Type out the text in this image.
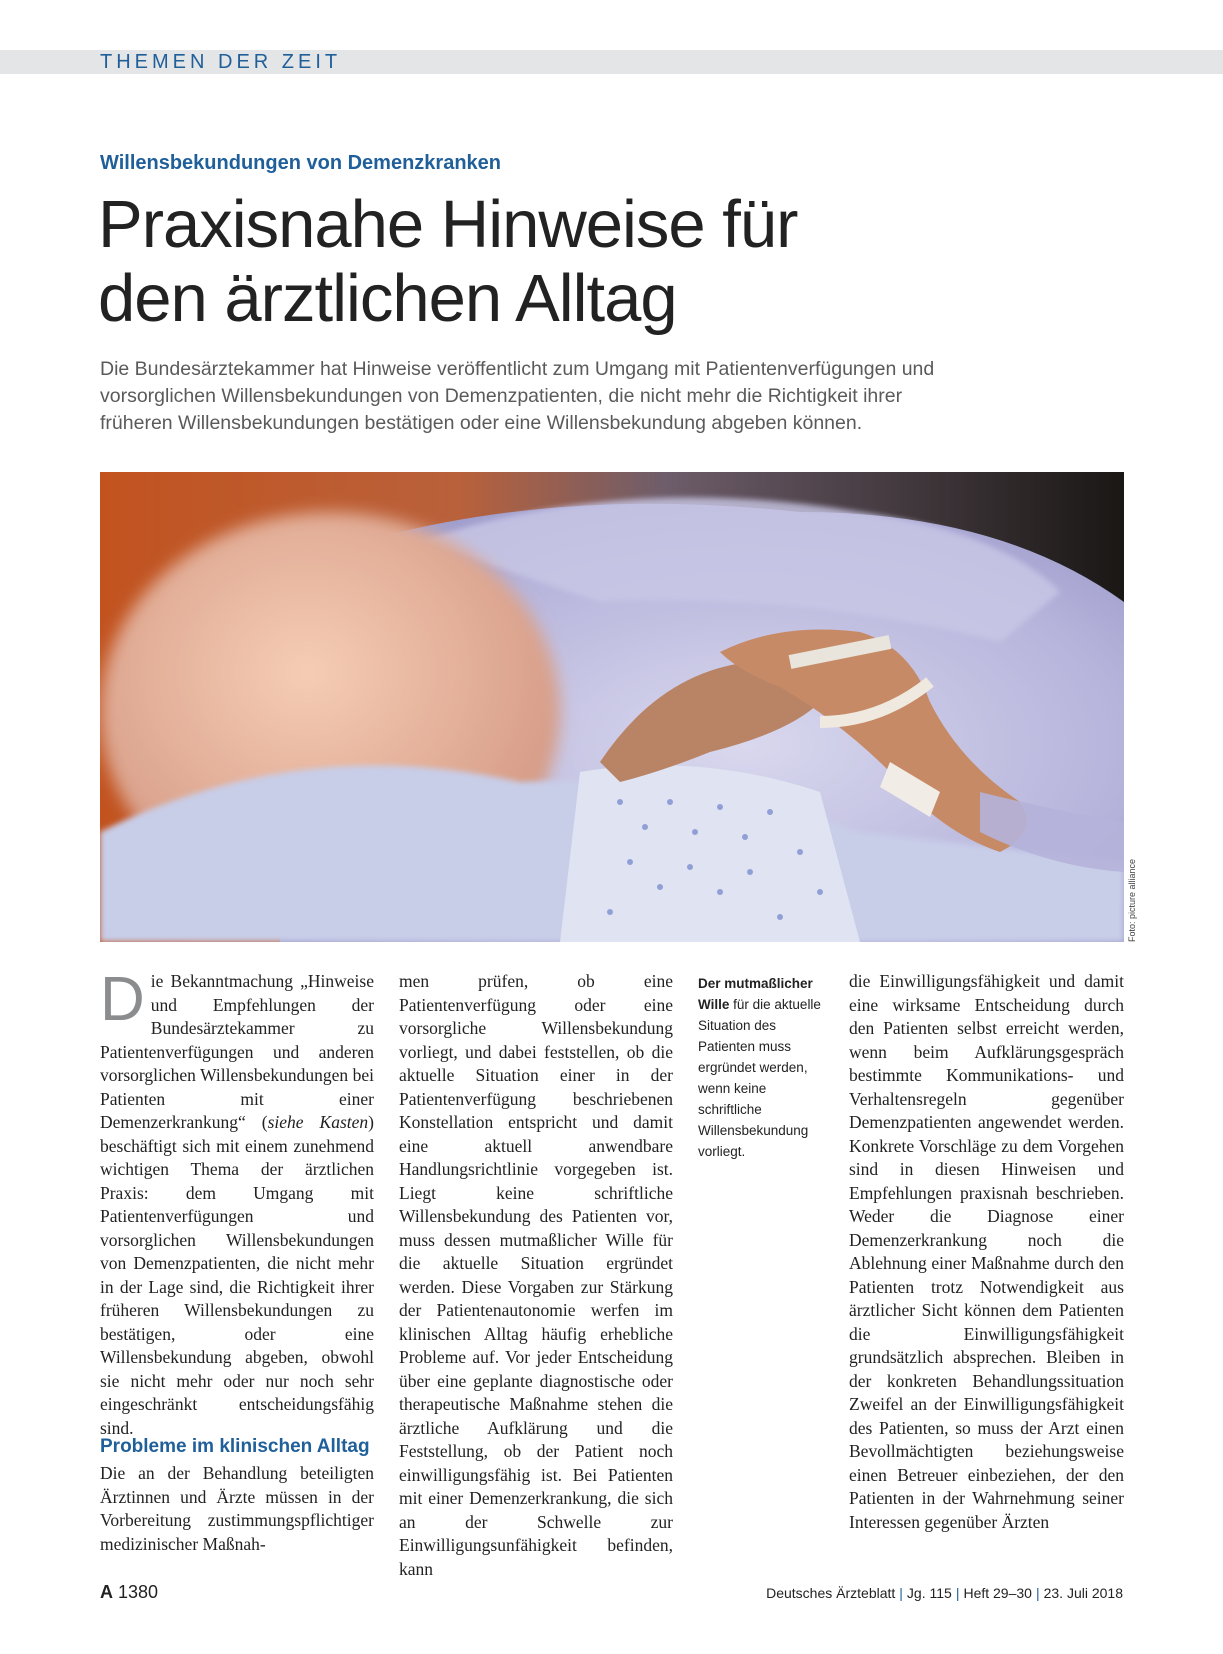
THEMEN DER ZEIT
Willensbekundungen von Demenzkranken
Praxisnahe Hinweise für
den ärztlichen Alltag

Die Bundesärztekammer hat Hinweise veröffentlicht zum Umgang mit Patientenverfügungen und vorsorglichen Willensbekundungen von Demenzpatienten, die nicht mehr die Richtigkeit ihrer früheren Willensbekundungen bestätigen oder eine Willensbekundung abgeben können.

Foto: picture alliance
Die Bekanntmachung „Hinweise und Empfehlungen der Bundesärztekammer zu Patientenverfügungen und anderen vorsorglichen Willensbekundungen bei Patienten mit einer Demenzerkrankung“ (siehe Kasten) beschäftigt sich mit einem zunehmend wichtigen Thema der ärztlichen Praxis: dem Umgang mit Patientenverfügungen und vorsorglichen Willensbekundungen von Demenzpatienten, die nicht mehr in der Lage sind, die Richtigkeit ihrer früheren Willensbekundungen zu bestätigen, oder eine Willensbekundung abgeben, obwohl sie nicht mehr oder nur noch sehr eingeschränkt entscheidungsfähig sind.
Probleme im klinischen Alltag

Die an der Behandlung beteiligten Ärztinnen und Ärzte müssen in der Vorbereitung zustimmungspflichtiger medizinischer Maßnah-

men prüfen, ob eine Patientenverfügung oder eine vorsorgliche Willensbekundung vorliegt, und dabei feststellen, ob die aktuelle Situation einer in der Patientenverfügung beschriebenen Konstellation entspricht und damit eine aktuell anwendbare Handlungsrichtlinie vorgegeben ist. Liegt keine schriftliche Willensbekundung des Patienten vor, muss dessen mutmaßlicher Wille für die aktuelle Situation ergründet werden. Diese Vorgaben zur Stärkung der Patientenautonomie werfen im klinischen Alltag häufig erhebliche Probleme auf. Vor jeder Entscheidung über eine geplante diagnostische oder therapeutische Maßnahme stehen die ärztliche Aufklärung und die Feststellung, ob der Patient noch einwilligungsfähig ist. Bei Patienten mit einer Demenzerkrankung, die sich an der Schwelle zur Einwilligungsunfähigkeit befinden, kann

Der mutmaßlicher Wille für die aktuelle Situation des Patienten muss ergründet werden, wenn keine schriftliche Willensbekundung vorliegt.

die Einwilligungsfähigkeit und damit eine wirksame Entscheidung durch den Patienten selbst erreicht werden, wenn beim Aufklärungsgespräch bestimmte Kommunikations- und Verhaltensregeln gegenüber Demenzpatienten angewendet werden. Konkrete Vorschläge zu dem Vorgehen sind in diesen Hinweisen und Empfehlungen praxisnah beschrieben. Weder die Diagnose einer Demenzerkrankung noch die Ablehnung einer Maßnahme durch den Patienten trotz Notwendigkeit aus ärztlicher Sicht können dem Patienten die Einwilligungsfähigkeit grundsätzlich absprechen. Bleiben in der konkreten Behandlungssituation Zweifel an der Einwilligungsfähigkeit des Patienten, so muss der Arzt einen Bevollmächtigten beziehungsweise einen Betreuer einbeziehen, der den Patienten in der Wahrnehmung seiner Interessen gegenüber Ärzten

A 1380	Deutsches Ärzteblatt | Jg. 115 | Heft 29–30 | 23. Juli 2018
